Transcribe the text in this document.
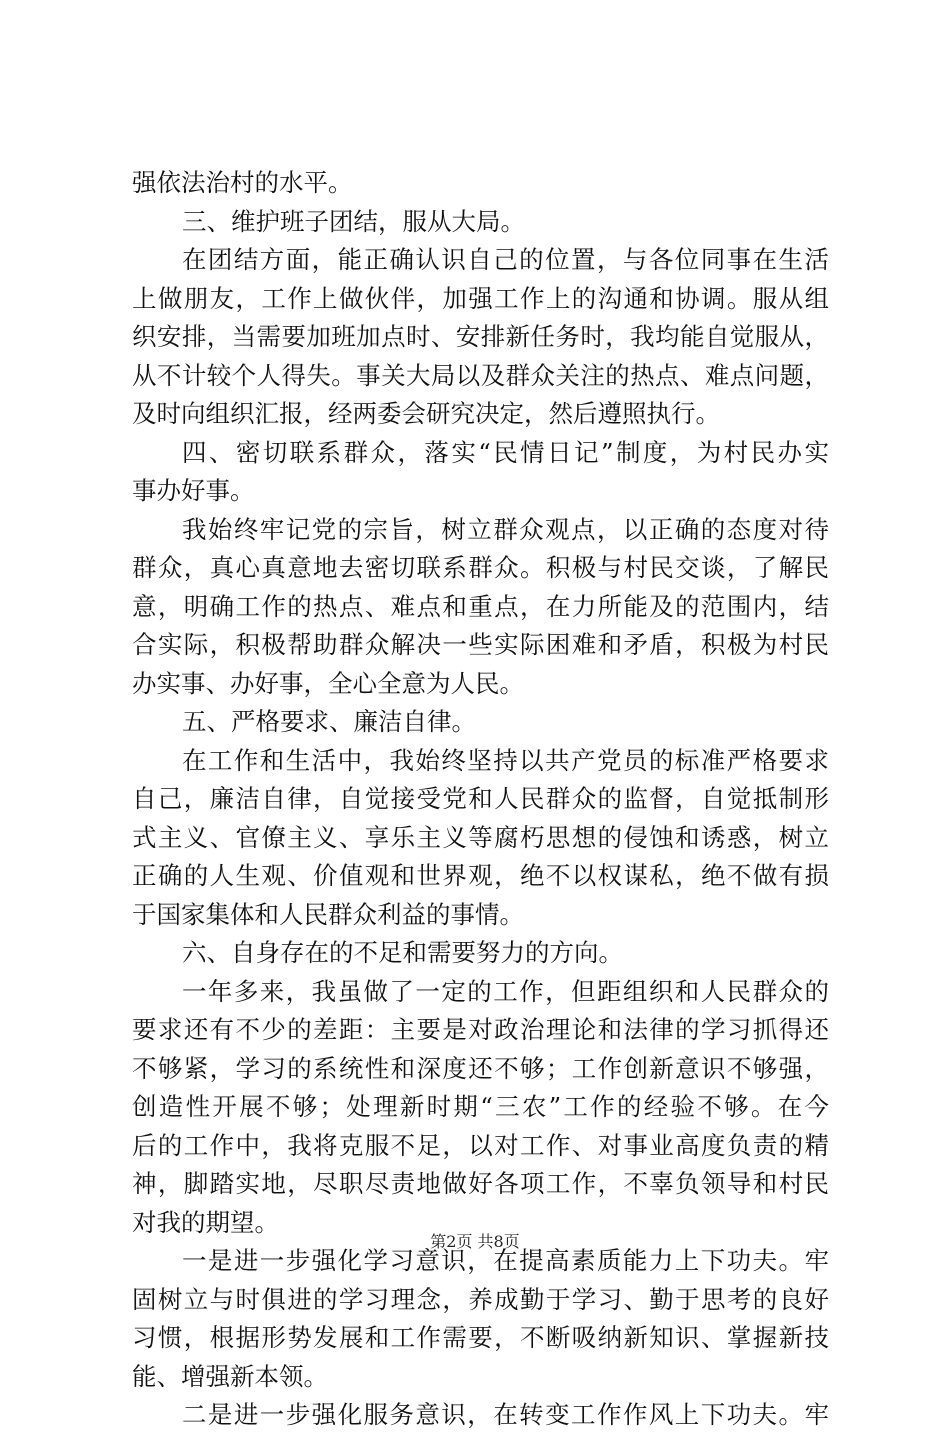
强依法治村的水平。
三、维护班子团结，服从大局。
在团结方面，能正确认识自己的位置，与各位同事在生活
上做朋友，工作上做伙伴，加强工作上的沟通和协调。服从组
织安排，当需要加班加点时、安排新任务时，我均能自觉服从，
从不计较个人得失。事关大局以及群众关注的热点、难点问题，
及时向组织汇报，经两委会研究决定，然后遵照执行。
四、密切联系群众，落实“民情日记”制度，为村民办实
事办好事。
我始终牢记党的宗旨，树立群众观点，以正确的态度对待
群众，真心真意地去密切联系群众。积极与村民交谈，了解民
意，明确工作的热点、难点和重点，在力所能及的范围内，结
合实际，积极帮助群众解决一些实际困难和矛盾，积极为村民
办实事、办好事，全心全意为人民。
五、严格要求、廉洁自律。
在工作和生活中，我始终坚持以共产党员的标准严格要求
自己，廉洁自律，自觉接受党和人民群众的监督，自觉抵制形
式主义、官僚主义、享乐主义等腐朽思想的侵蚀和诱惑，树立
正确的人生观、价值观和世界观，绝不以权谋私，绝不做有损
于国家集体和人民群众利益的事情。
六、自身存在的不足和需要努力的方向。
一年多来，我虽做了一定的工作，但距组织和人民群众的
要求还有不少的差距：主要是对政治理论和法律的学习抓得还
不够紧，学习的系统性和深度还不够；工作创新意识不够强，
创造性开展不够；处理新时期“三农”工作的经验不够。在今
后的工作中，我将克服不足，以对工作、对事业高度负责的精
神，脚踏实地，尽职尽责地做好各项工作，不辜负领导和村民
对我的期望。
一是进一步强化学习意识，在提高素质能力上下功夫。牢
固树立与时俱进的学习理念，养成勤于学习、勤于思考的良好
习惯，根据形势发展和工作需要，不断吸纳新知识、掌握新技
能、增强新本领。
二是进一步强化服务意识，在转变工作作风上下功夫。牢
第2页 共8页
